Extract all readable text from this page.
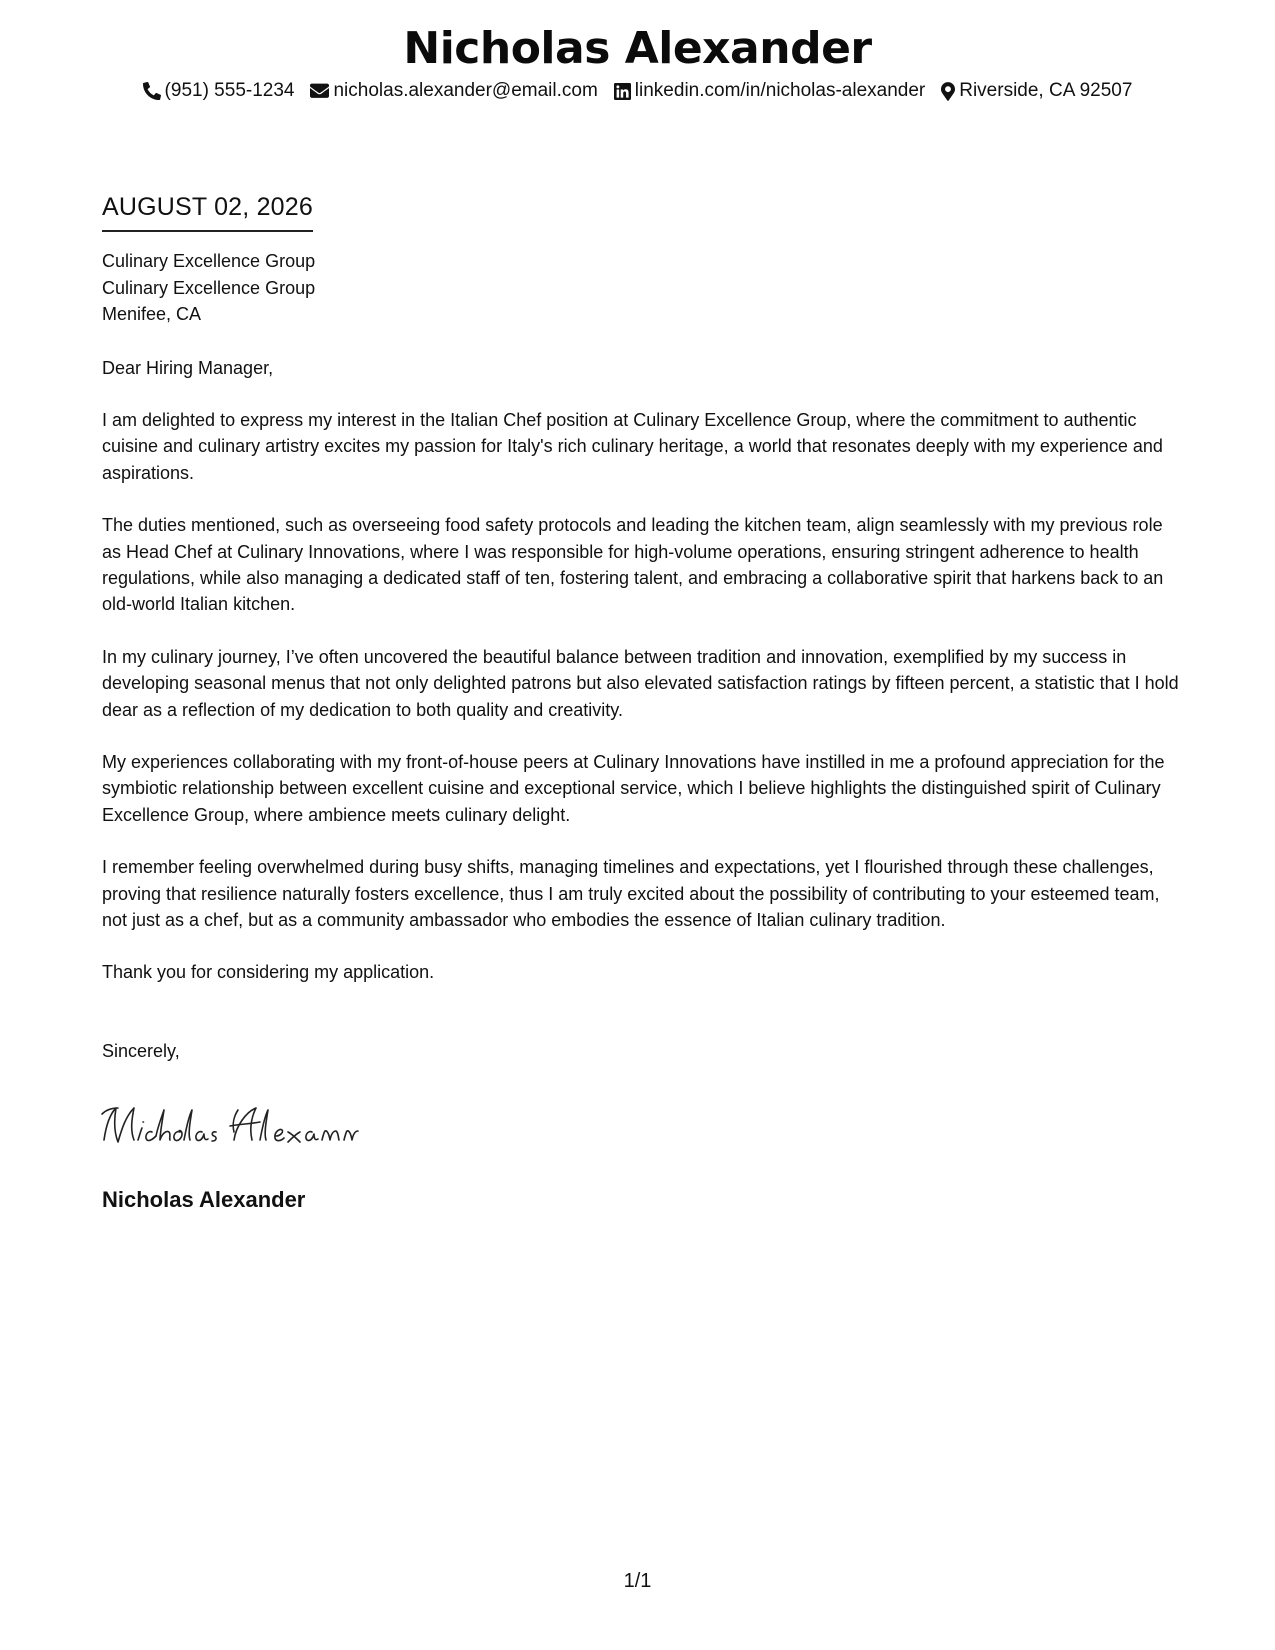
Nicholas Alexander
(951) 555-1234 nicholas.alexander@email.com linkedin.com/in/nicholas-alexander Riverside, CA 92507
AUGUST 02, 2026
Culinary Excellence Group
Culinary Excellence Group
Menifee, CA

Dear Hiring Manager,

I am delighted to express my interest in the Italian Chef position at Culinary Excellence Group, where the commitment to authentic cuisine and culinary artistry excites my passion for Italy's rich culinary heritage, a world that resonates deeply with my experience and aspirations.

The duties mentioned, such as overseeing food safety protocols and leading the kitchen team, align seamlessly with my previous role as Head Chef at Culinary Innovations, where I was responsible for high-volume operations, ensuring stringent adherence to health regulations, while also managing a dedicated staff of ten, fostering talent, and embracing a collaborative spirit that harkens back to an old-world Italian kitchen.

In my culinary journey, I’ve often uncovered the beautiful balance between tradition and innovation, exemplified by my success in developing seasonal menus that not only delighted patrons but also elevated satisfaction ratings by fifteen percent, a statistic that I hold dear as a reflection of my dedication to both quality and creativity.

My experiences collaborating with my front-of-house peers at Culinary Innovations have instilled in me a profound appreciation for the symbiotic relationship between excellent cuisine and exceptional service, which I believe highlights the distinguished spirit of Culinary Excellence Group, where ambience meets culinary delight.

I remember feeling overwhelmed during busy shifts, managing timelines and expectations, yet I flourished through these challenges, proving that resilience naturally fosters excellence, thus I am truly excited about the possibility of contributing to your esteemed team, not just as a chef, but as a community ambassador who embodies the essence of Italian culinary tradition.

Thank you for considering my application.

Sincerely,

Nicholas Alexander
1/1
